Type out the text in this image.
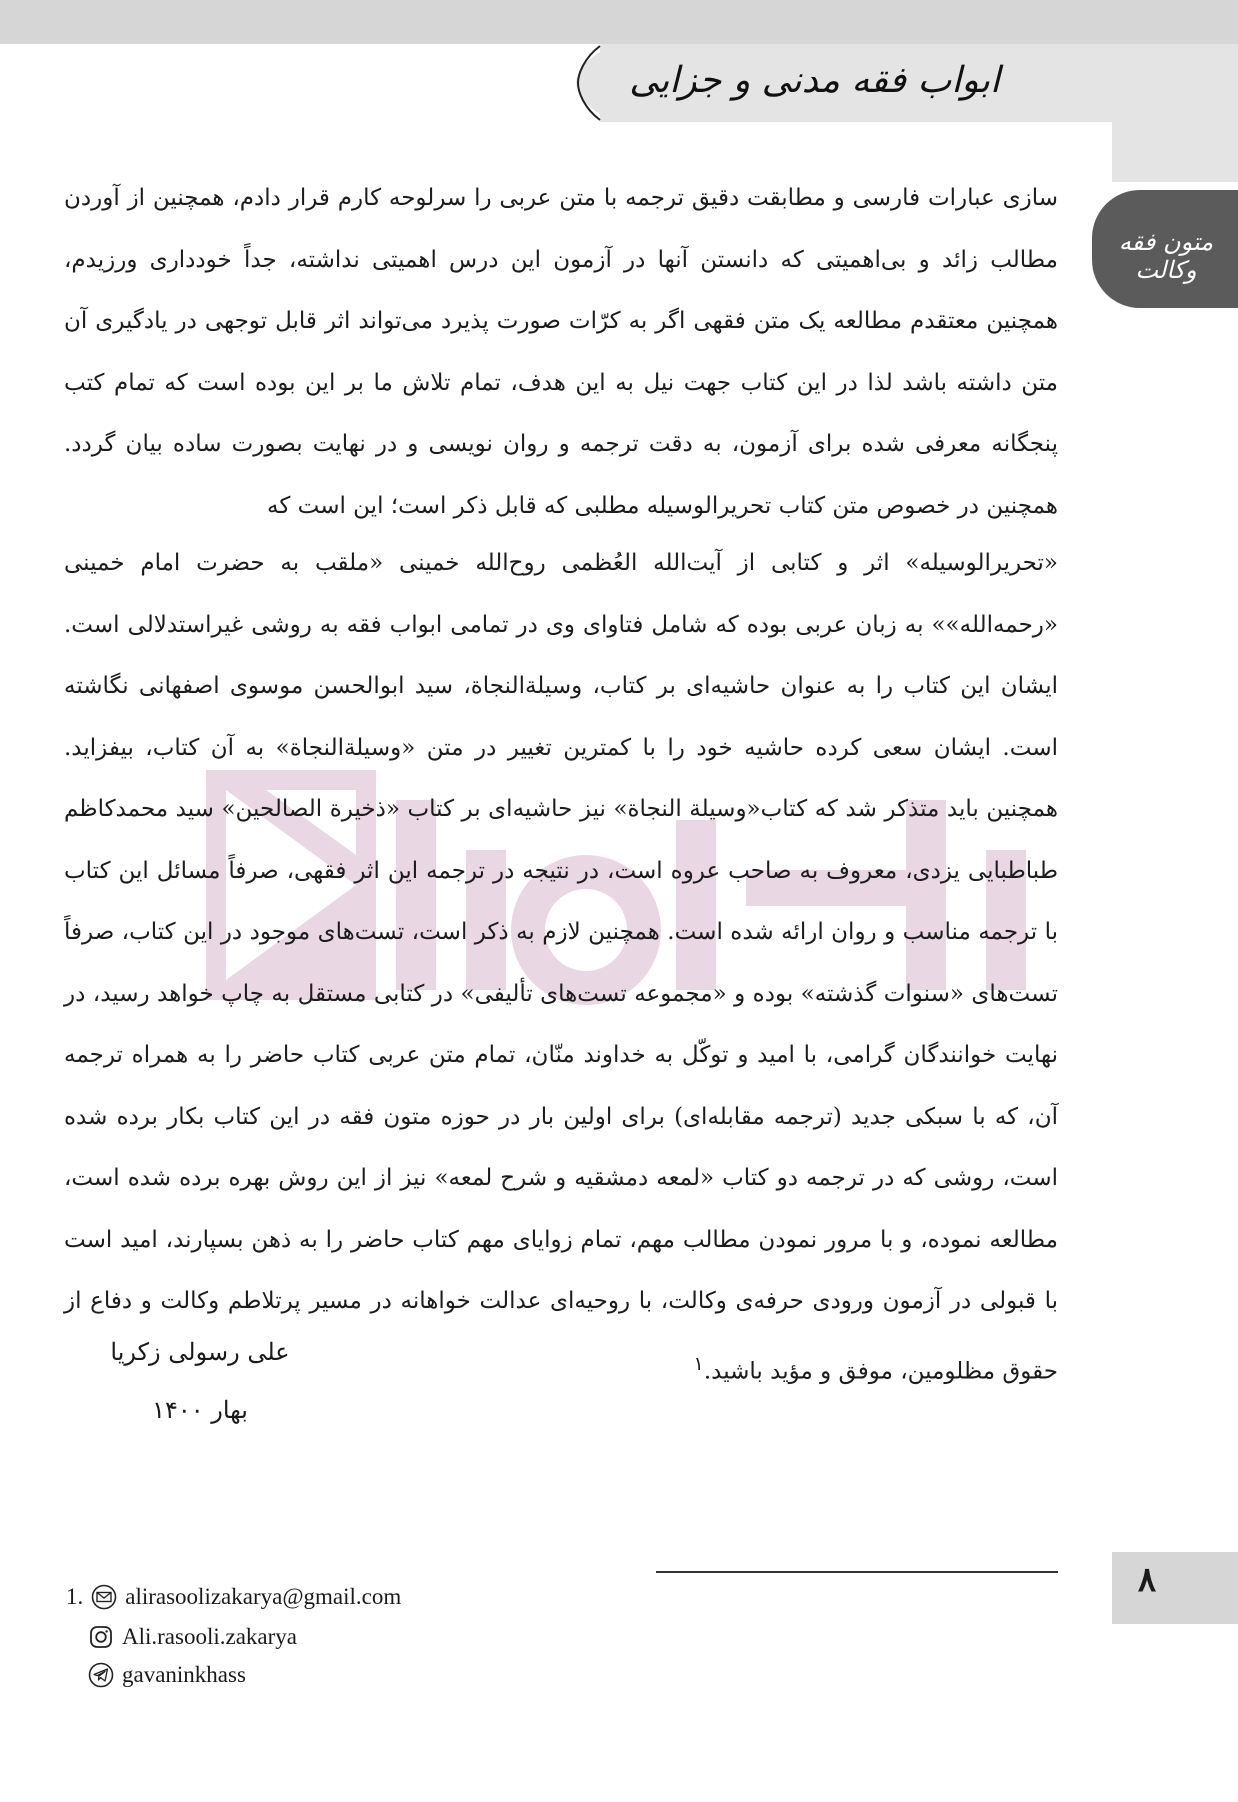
ابواب فقه مدنی و جزایی
متون فقه وکالت

سازی عبارات فارسی و مطابقت دقیق ترجمه با متن عربی را سرلوحه کارم قرار دادم، همچنین از آوردن مطالب زائد و بی‌اهمیتی که دانستن آنها در آزمون این درس اهمیتی نداشته، جداً خودداری ورزیدم، همچنین معتقدم مطالعه یک متن فقهی اگر به کرّات صورت پذیرد می‌تواند اثر قابل توجهی در یادگیری آن متن داشته باشد لذا در این کتاب جهت نیل به این هدف، تمام تلاش ما بر این بوده است که تمام کتب پنجگانه معرفی شده برای آزمون، به دقت ترجمه و روان نویسی و در نهایت بصورت ساده بیان گردد. همچنین در خصوص متن کتاب تحریرالوسیله مطلبی که قابل ذکر است؛ این است که

«تحریرالوسیله» اثر و کتابی از آیت‌الله العُظمی روح‌الله خمینی «ملقب به حضرت امام خمینی «رحمه‌الله»» به زبان عربی بوده که شامل فتاوای وی در تمامی ابواب فقه به روشی غیراستدلالی است. ایشان این کتاب را به عنوان حاشیه‌ای بر کتاب، وسیلة‌النجاة، سید ابوالحسن موسوی اصفهانی نگاشته است. ایشان سعی کرده حاشیه خود را با کمترین تغییر در متن «وسیلة‌النجاة» به آن کتاب، بیفزاید. همچنین باید متذکر شد که کتاب«وسیلة النجاة» نیز حاشیه‌ای بر کتاب «ذخیرة الصالحین» سید محمدکاظم طباطبایی یزدی، معروف به صاحب عروه است، در نتیجه در ترجمه این اثر فقهی، صرفاً مسائل این کتاب با ترجمه مناسب و روان ارائه شده است. همچنین لازم به ذکر است، تست‌های موجود در این کتاب، صرفاً تست‌های «سنوات گذشته» بوده و «مجموعه تست‌های تألیفی» در کتابی مستقل به چاپ خواهد رسید، در نهایت خوانندگان گرامی، با امید و توکّل به خداوند منّان، تمام متن عربی کتاب حاضر را به همراه ترجمه آن، که با سبکی جدید (ترجمه مقابله‌ای) برای اولین بار در حوزه متون فقه در این کتاب بکار برده شده است، روشی که در ترجمه دو کتاب «لمعه دمشقیه و شرح لمعه» نیز از این روش بهره برده شده است، مطالعه نموده، و با مرور نمودن مطالب مهم، تمام زوایای مهم کتاب حاضر را به ذهن بسپارند، امید است با قبولی در آزمون ورودی حرفه‌ی وکالت، با روحیه‌ای عدالت خواهانه در مسیر پرتلاطم وکالت و دفاع از حقوق مظلومین، موفق و مؤید باشید.$^۱$

علی رسولی زکریا
بهار ۱۴۰۰
۸
1. alirasoolizakarya@gmail.com
Ali.rasooli.zakarya
gavaninkhass
